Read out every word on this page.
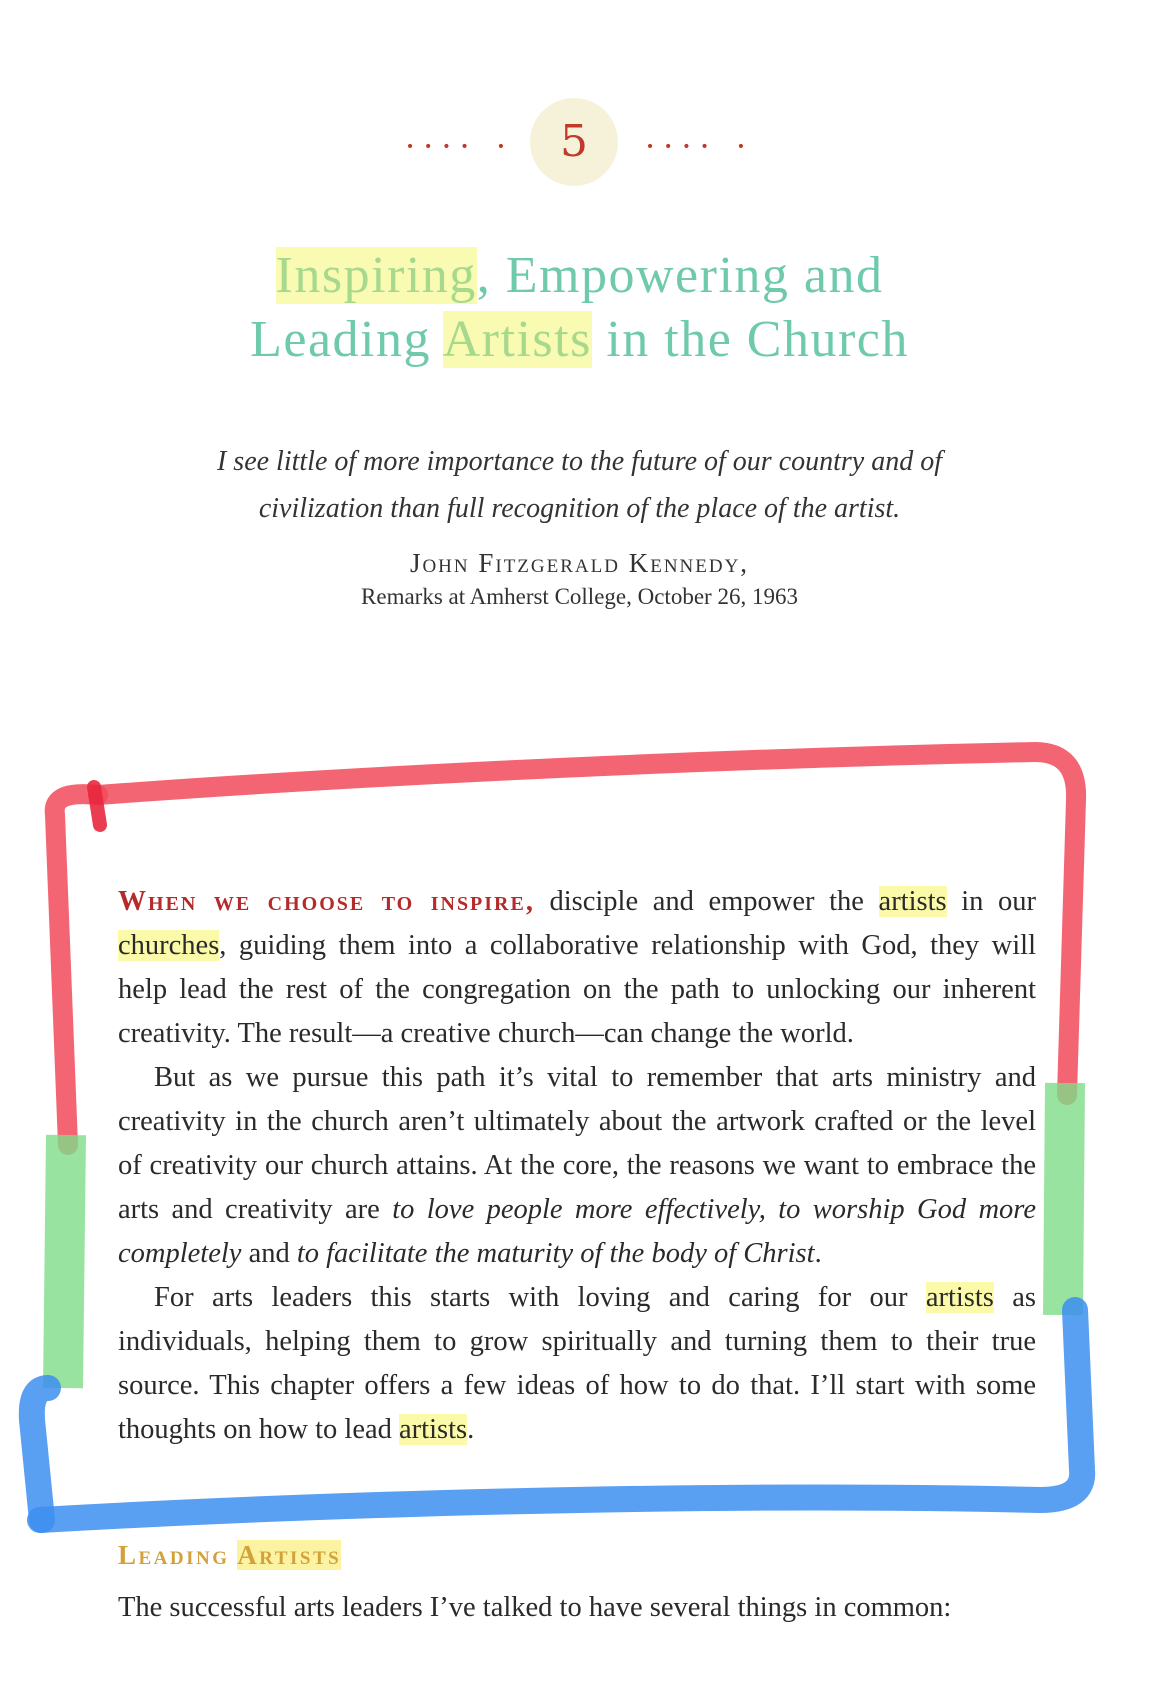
···· ·	5	···· ·
Inspiring, Empowering and
Leading Artists in the Church
I see little of more importance to the future of our country and of
civilization than full recognition of the place of the artist.
John Fitzgerald Kennedy,
Remarks at Amherst College, October 26, 1963

When we choose to inspire, disciple and empower the artists in our churches, guiding them into a collaborative relationship with God, they will help lead the rest of the congregation on the path to unlocking our inherent creativity. The result—a creative church—can change the world.

But as we pursue this path it’s vital to remember that arts ministry and creativity in the church aren’t ultimately about the artwork crafted or the level of creativity our church attains. At the core, the reasons we want to embrace the arts and creativity are to love people more effectively, to worship God more completely and to facilitate the maturity of the body of Christ.

For arts leaders this starts with loving and caring for our artists as individuals, helping them to grow spiritually and turning them to their true source. This chapter offers a few ideas of how to do that. I’ll start with some thoughts on how to lead artists.

Leading Artists
The successful arts leaders I’ve talked to have several things in common:
